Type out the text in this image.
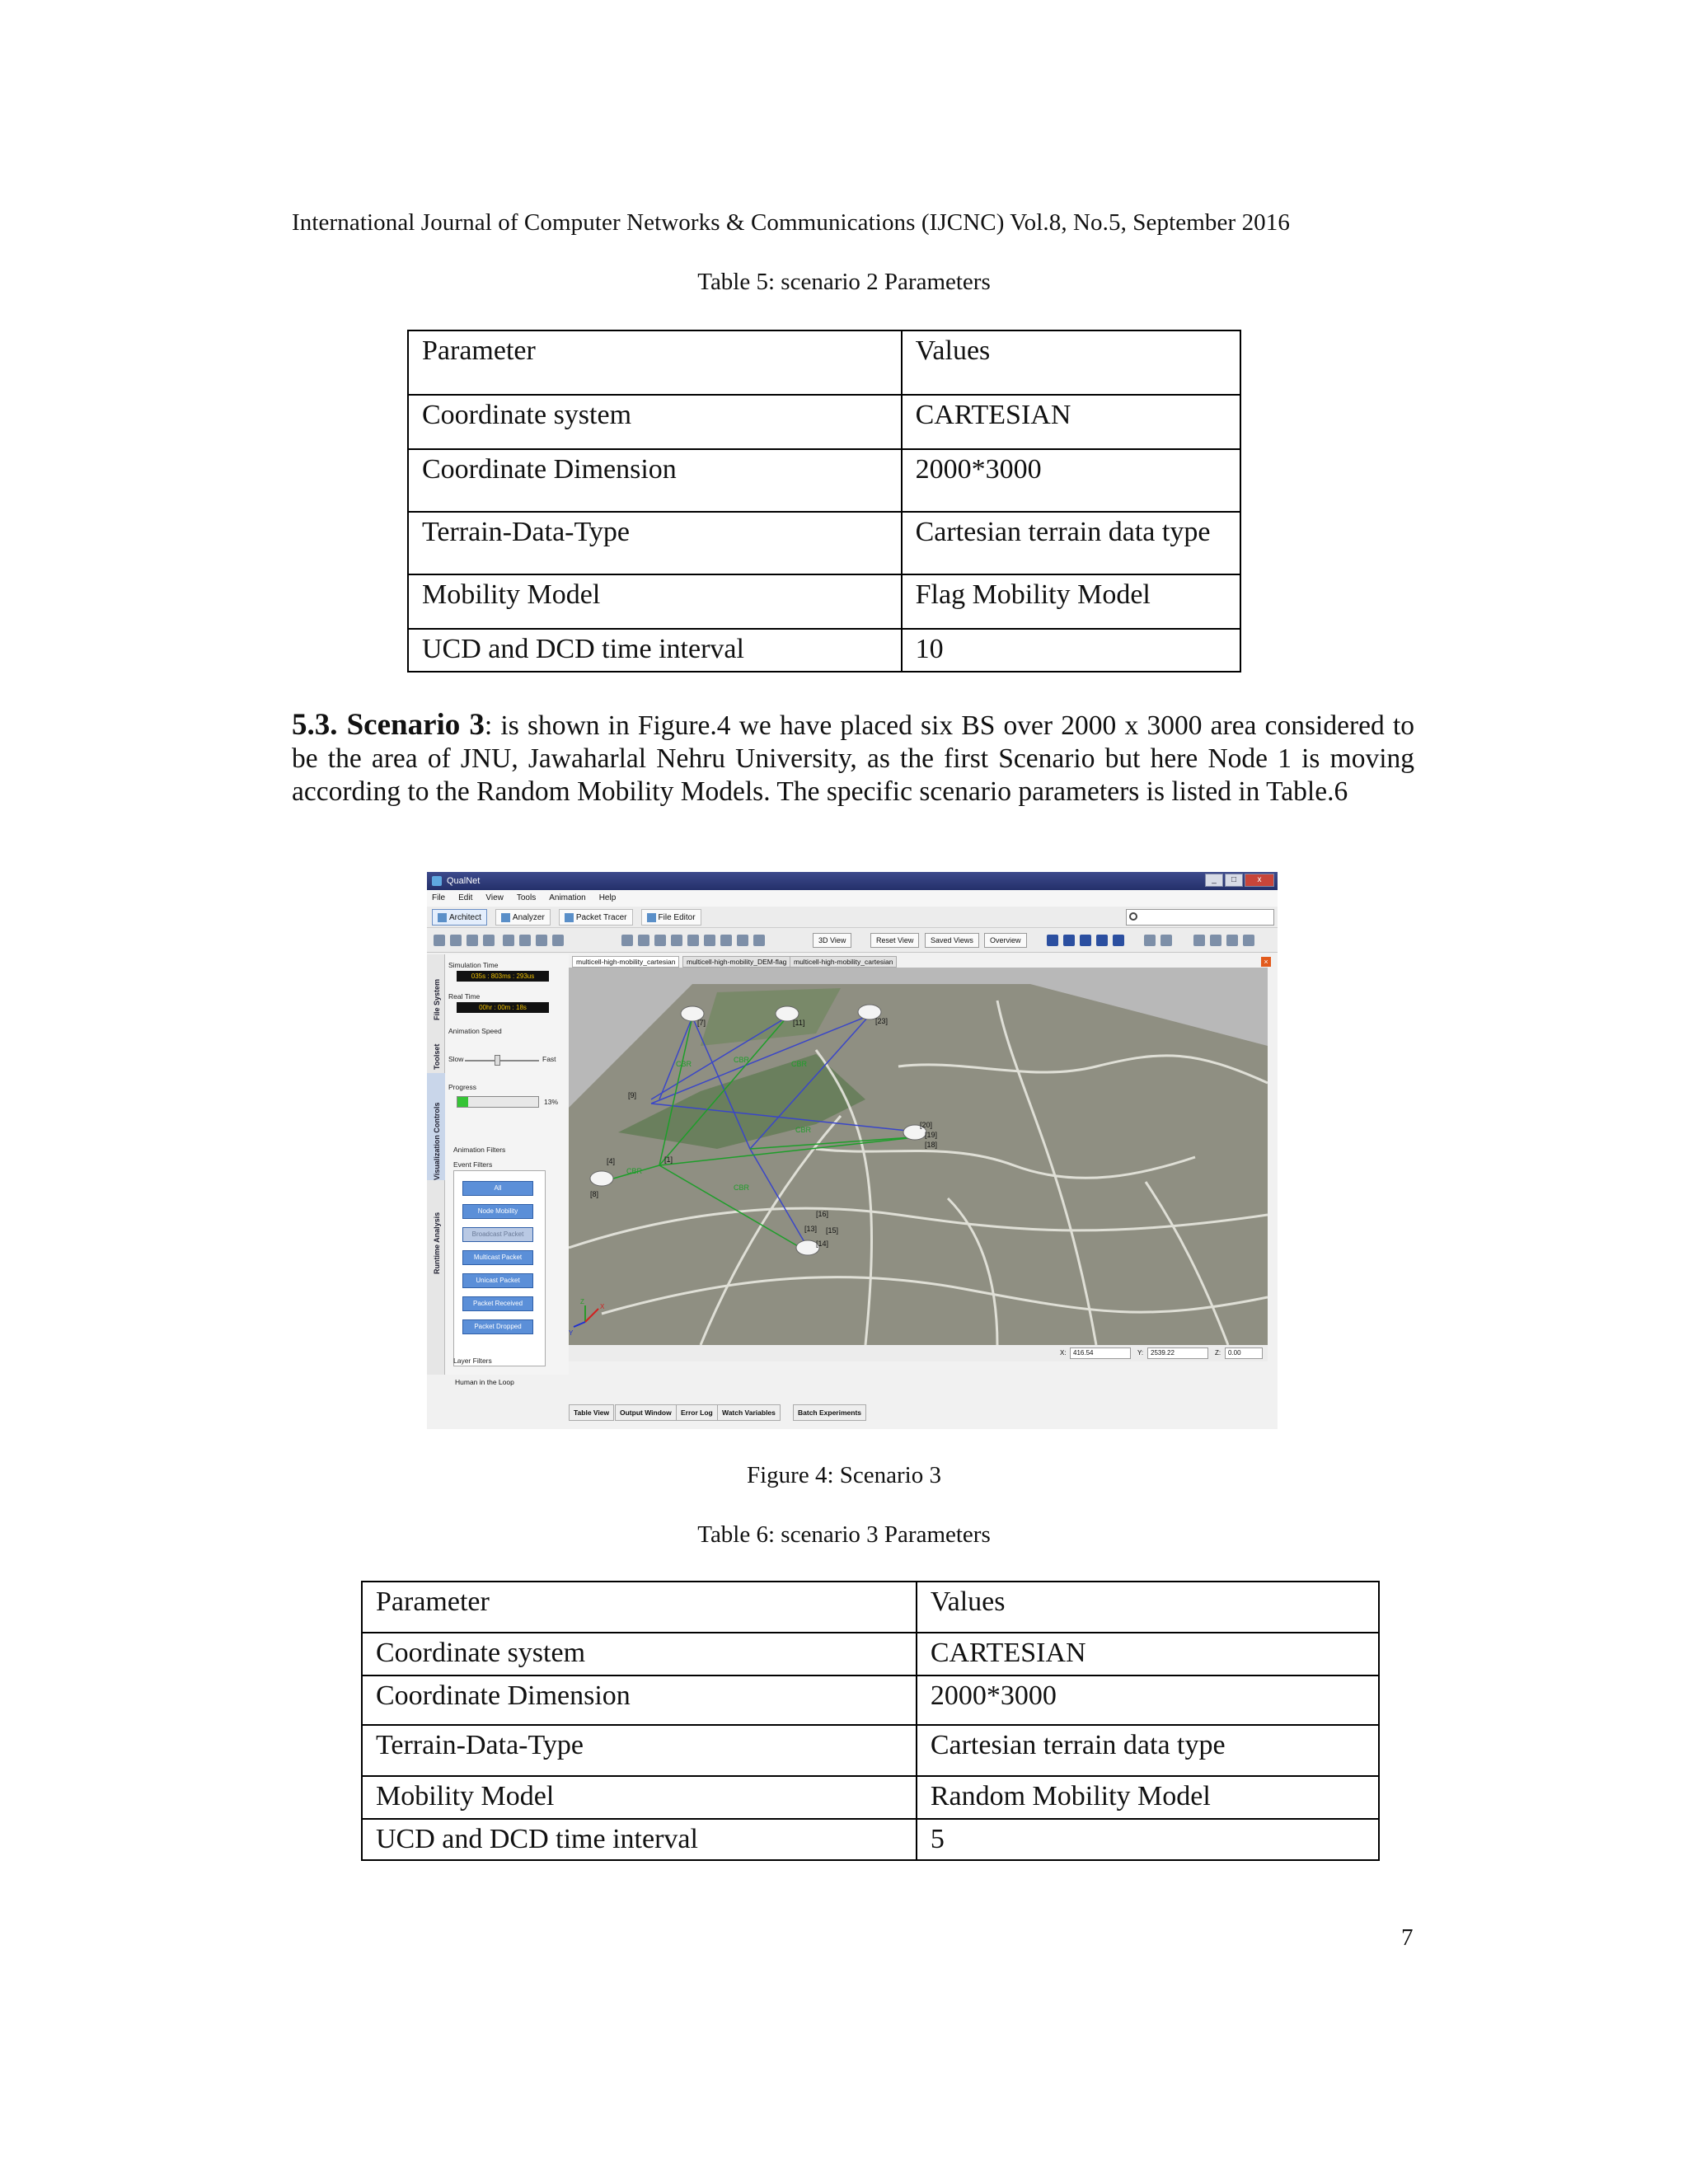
International Journal of Computer Networks & Communications (IJCNC) Vol.8, No.5, September 2016
Table 5: scenario 2 Parameters
Parameter	Values
Coordinate system	CARTESIAN
Coordinate Dimension	2000*3000
Terrain-Data-Type	Cartesian terrain data type
Mobility Model	Flag Mobility Model
UCD and DCD time interval	10

5.3. Scenario 3: is shown in Figure.4 we have placed six BS over 2000 x 3000 area considered to be the area of JNU, Jawaharlal Nehru University, as the first Scenario but here Node 1 is moving according to the Random Mobility Models. The specific scenario parameters is listed in Table.6

QualNet	_	□	x
File Edit View Tools Animation Help
Architect	Analyzer	Packet Tracer	File Editor
3D View	Reset View	Saved Views	Overview
File System
Toolset
Visualization Controls
Runtime Analysis
Simulation Time
035s : 803ms : 293us
Real Time
00hr : 00m : 18s
Animation Speed
Slow	Fast
Progress
13%
Animation Filters
Event Filters
All
Node Mobility
Broadcast Packet
Multicast Packet
Unicast Packet
Packet Received
Packet Dropped
Layer Filters
Human in the Loop
multicell-high-mobility_cartesian	multicell-high-mobility_DEM-flag	multicell-high-mobility_cartesian	×
[7]	[11]	[23]
[20]
[19]
[18]
[9]
[1]
[4]
[8]
[16]
[13] [15]
[14]
CBR	CBR	CBR
CBR
CBR
CBR
Z
X
Y
X:	416.54	Y:	2539.22	Z:	0.00
Table View	Output Window	Error Log	Watch Variables	Batch Experiments
Figure 4: Scenario 3
Table 6: scenario 3 Parameters
Parameter	Values
Coordinate system	CARTESIAN
Coordinate Dimension	2000*3000
Terrain-Data-Type	Cartesian terrain data type
Mobility Model	Random Mobility Model
UCD and DCD time interval	5
7
